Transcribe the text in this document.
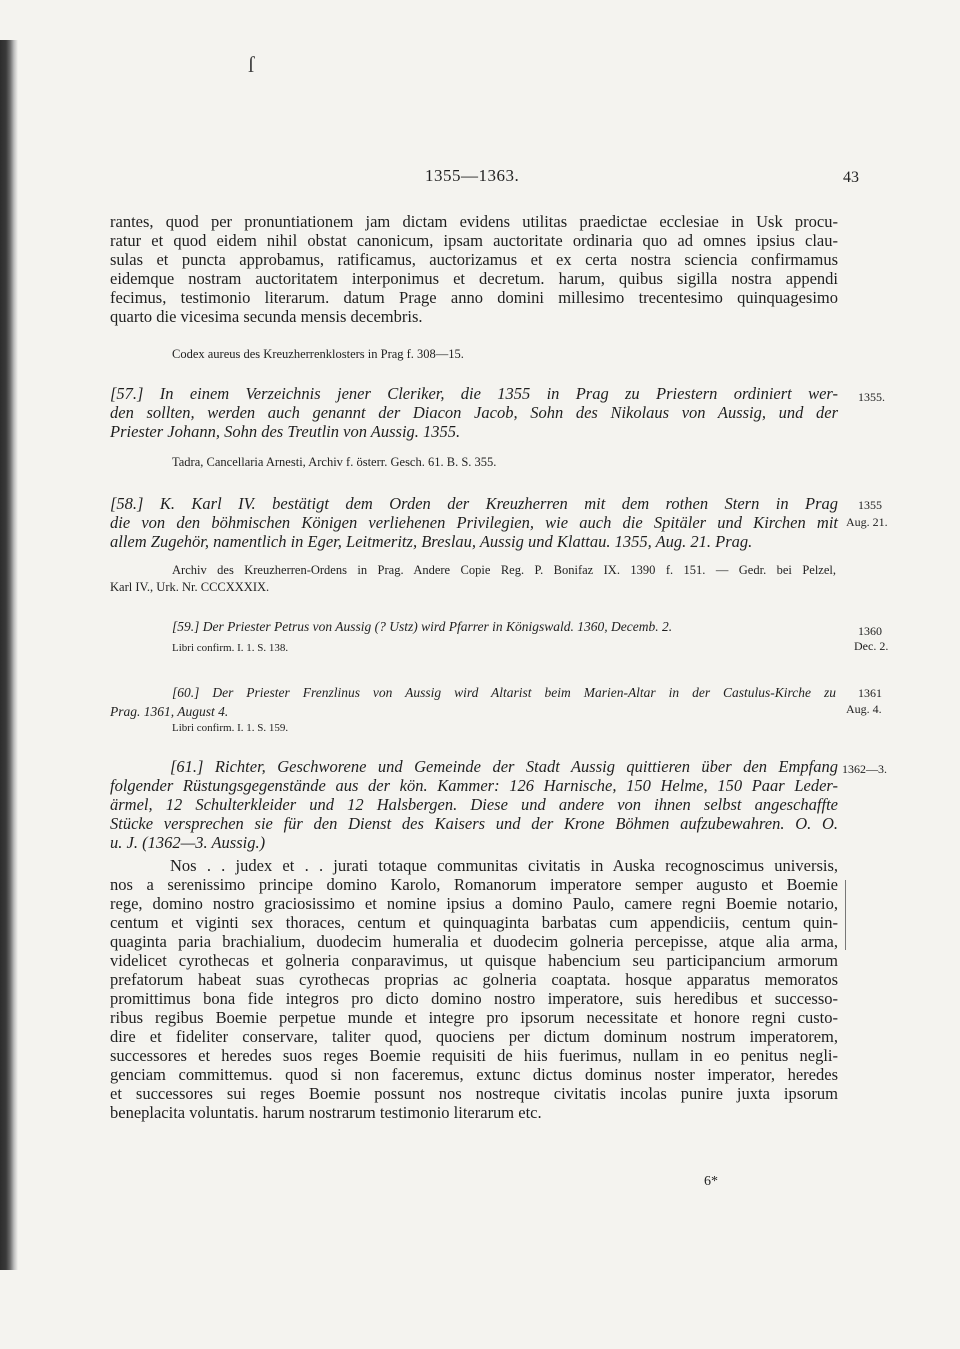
ſ
1355—1363.	43
rantes, quod per pronuntiationem jam dictam evidens utilitas praedictae ecclesiae in Usk procu-
ratur et quod eidem nihil obstat canonicum, ipsam auctoritate ordinaria quo ad omnes ipsius clau-
sulas et puncta approbamus, ratificamus, auctorizamus et ex certa nostra sciencia confirmamus
eidemque nostram auctoritatem interponimus et decretum. harum, quibus sigilla nostra appendi
fecimus, testimonio literarum. datum Prage anno domini millesimo trecentesimo quinquagesimo
quarto die vicesima secunda mensis decembris.
Codex aureus des Kreuzherrenklosters in Prag f. 308—15.
[57.] In einem Verzeichnis jener Cleriker, die 1355 in Prag zu Priestern ordiniert wer-
den sollten, werden auch genannt der Diacon Jacob, Sohn des Nikolaus von Aussig, und der
Priester Johann, Sohn des Treutlin von Aussig. 1355.
1355.
Tadra, Cancellaria Arnesti, Archiv f. österr. Gesch. 61. B. S. 355.
[58.] K. Karl IV. bestätigt dem Orden der Kreuzherren mit dem rothen Stern in Prag
die von den böhmischen Königen verliehenen Privilegien, wie auch die Spitäler und Kirchen mit
allem Zugehör, namentlich in Eger, Leitmeritz, Breslau, Aussig und Klattau. 1355, Aug. 21. Prag.
1355
Aug. 21.
Archiv des Kreuzherren-Ordens in Prag. Andere Copie Reg. P. Bonifaz IX. 1390 f. 151. — Gedr. bei Pelzel,
Karl IV., Urk. Nr. CCCXXXIX.
[59.] Der Priester Petrus von Aussig (? Ustz) wird Pfarrer in Königswald. 1360, Decemb. 2.	1360
Dec. 2.
Libri confirm. I. 1. S. 138.
[60.] Der Priester Frenzlinus von Aussig wird Altarist beim Marien-Altar in der Castulus-Kirche zu
Prag. 1361, August 4.
1361
Aug. 4.
Libri confirm. I. 1. S. 159.
[61.] Richter, Geschworene und Gemeinde der Stadt Aussig quittieren über den Empfang
folgender Rüstungsgegenstände aus der kön. Kammer: 126 Harnische, 150 Helme, 150 Paar Leder-
ärmel, 12 Schulterkleider und 12 Halsbergen. Diese und andere von ihnen selbst angeschaffte
Stücke versprechen sie für den Dienst des Kaisers und der Krone Böhmen aufzubewahren. O. O.
u. J. (1362—3. Aussig.)
1362—3.
Nos . . judex et . . jurati totaque communitas civitatis in Auska recognoscimus universis,
nos a serenissimo principe domino Karolo, Romanorum imperatore semper augusto et Boemie
rege, domino nostro graciosissimo et nomine ipsius a domino Paulo, camere regni Boemie notario,
centum et viginti sex thoraces, centum et quinquaginta barbatas cum appendiciis, centum quin-
quaginta paria brachialium, duodecim humeralia et duodecim golneria percepisse, atque alia arma,
videlicet cyrothecas et golneria conparavimus, ut quisque habencium seu participancium armorum
prefatorum habeat suas cyrothecas proprias ac golneria coaptata. hosque apparatus memoratos
promittimus bona fide integros pro dicto domino nostro imperatore, suis heredibus et successo-
ribus regibus Boemie perpetue munde et integre pro ipsorum necessitate et honore regni custo-
dire et fideliter conservare, taliter quod, quociens per dictum dominum nostrum imperatorem,
successores et heredes suos reges Boemie requisiti de hiis fuerimus, nullam in eo penitus negli-
genciam committemus. quod si non faceremus, extunc dictus dominus noster imperator, heredes
et successores sui reges Boemie possunt nos nostreque civitatis incolas punire juxta ipsorum
beneplacita voluntatis. harum nostrarum testimonio literarum etc.
6*
